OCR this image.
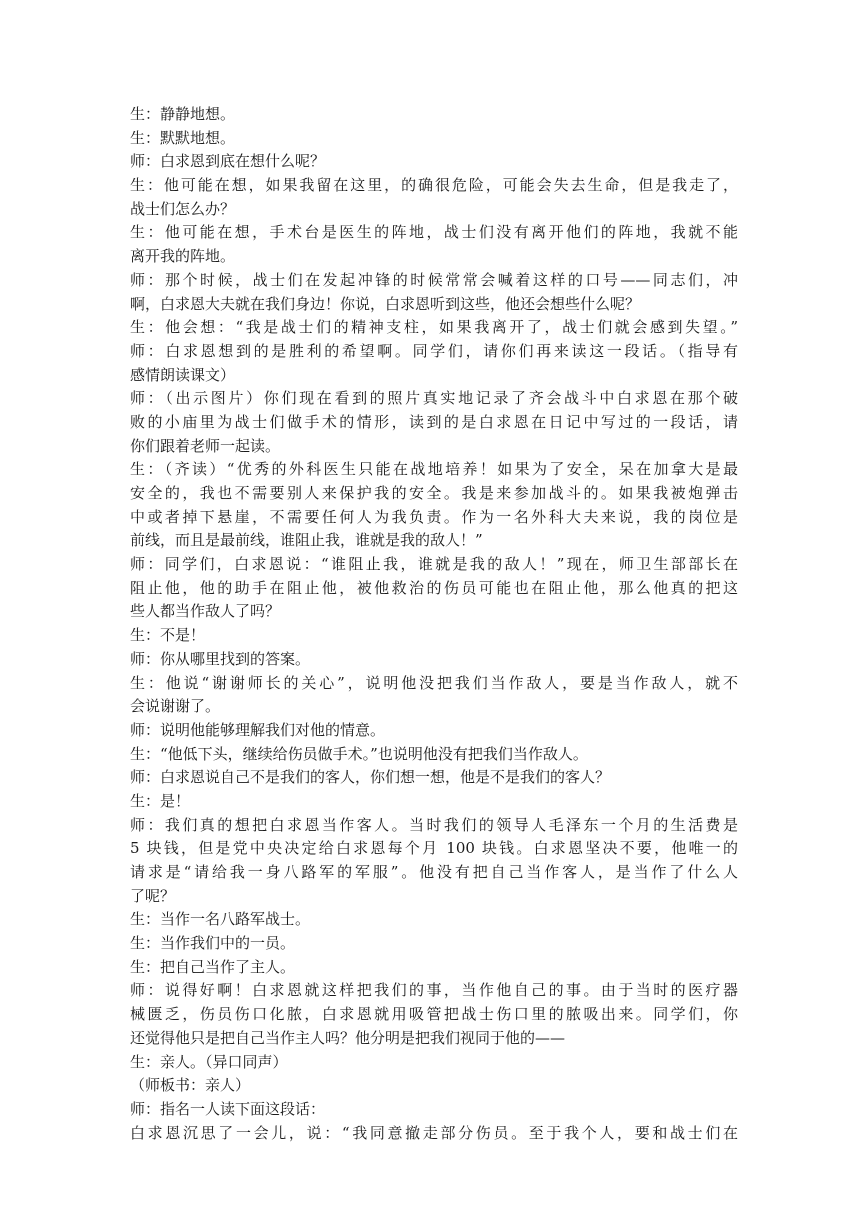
生：静静地想。
生：默默地想。
师：白求恩到底在想什么呢？
生：他可能在想，如果我留在这里，的确很危险，可能会失去生命，但是我走了，
战士们怎么办？
生：他可能在想，手术台是医生的阵地，战士们没有离开他们的阵地，我就不能
离开我的阵地。
师：那个时候，战士们在发起冲锋的时候常常会喊着这样的口号——同志们，冲
啊，白求恩大夫就在我们身边！你说，白求恩听到这些，他还会想些什么呢？
生：他会想：“我是战士们的精神支柱，如果我离开了，战士们就会感到失望。”
师：白求恩想到的是胜利的希望啊。同学们，请你们再来读这一段话。（指导有
感情朗读课文）
师：（出示图片）你们现在看到的照片真实地记录了齐会战斗中白求恩在那个破
败的小庙里为战士们做手术的情形，读到的是白求恩在日记中写过的一段话，请
你们跟着老师一起读。
生：（齐读）“优秀的外科医生只能在战地培养！如果为了安全，呆在加拿大是最
安全的，我也不需要别人来保护我的安全。我是来参加战斗的。如果我被炮弹击
中或者掉下悬崖，不需要任何人为我负责。作为一名外科大夫来说，我的岗位是
前线，而且是最前线，谁阻止我，谁就是我的敌人！”
师：同学们，白求恩说：“谁阻止我，谁就是我的敌人！”现在，师卫生部部长在
阻止他，他的助手在阻止他，被他救治的伤员可能也在阻止他，那么他真的把这
些人都当作敌人了吗？
生：不是！
师：你从哪里找到的答案。
生：他说“谢谢师长的关心”，说明他没把我们当作敌人，要是当作敌人，就不
会说谢谢了。
师：说明他能够理解我们对他的情意。
生：“他低下头，继续给伤员做手术。”也说明他没有把我们当作敌人。
师：白求恩说自己不是我们的客人，你们想一想，他是不是我们的客人？
生：是！
师：我们真的想把白求恩当作客人。当时我们的领导人毛泽东一个月的生活费是
5 块钱，但是党中央决定给白求恩每个月 100 块钱。白求恩坚决不要，他唯一的
请求是“请给我一身八路军的军服”。他没有把自己当作客人，是当作了什么人
了呢？
生：当作一名八路军战士。
生：当作我们中的一员。
生：把自己当作了主人。
师：说得好啊！白求恩就这样把我们的事，当作他自己的事。由于当时的医疗器
械匮乏，伤员伤口化脓，白求恩就用吸管把战士伤口里的脓吸出来。同学们，你
还觉得他只是把自己当作主人吗？他分明是把我们视同于他的——
生：亲人。（异口同声）
（师板书：亲人）
师：指名一人读下面这段话：
白求恩沉思了一会儿，说：“我同意撤走部分伤员。至于我个人，要和战士们在
